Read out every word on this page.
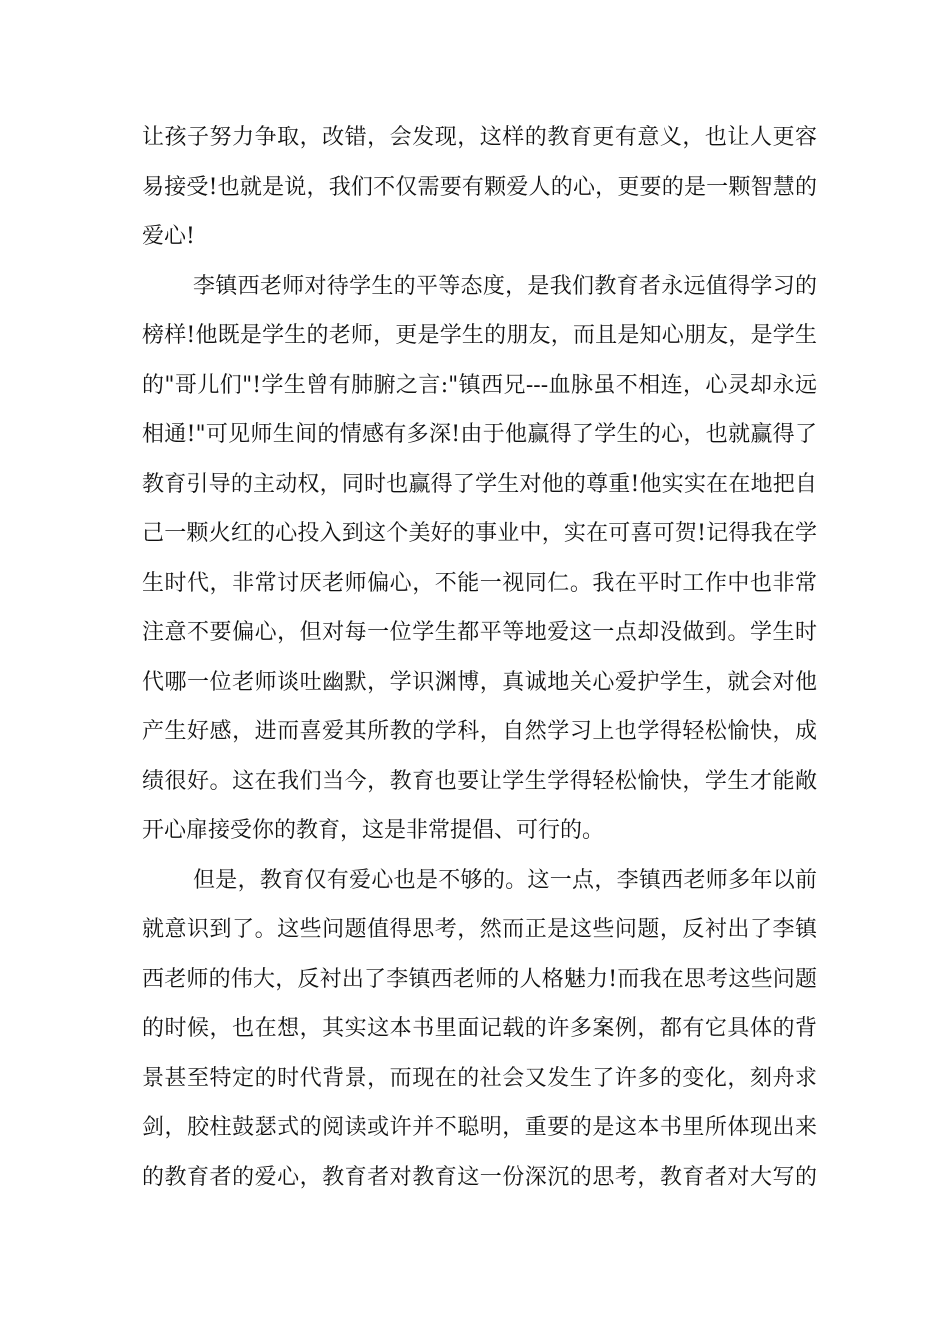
让孩子努力争取，改错，会发现，这样的教育更有意义，也让人更容
易接受!也就是说，我们不仅需要有颗爱人的心，更要的是一颗智慧的
爱心!
李镇西老师对待学生的平等态度，是我们教育者永远值得学习的
榜样!他既是学生的老师，更是学生的朋友，而且是知心朋友，是学生
的"哥儿们"!学生曾有肺腑之言:"镇西兄---血脉虽不相连，心灵却永远
相通!"可见师生间的情感有多深!由于他赢得了学生的心，也就赢得了
教育引导的主动权，同时也赢得了学生对他的尊重!他实实在在地把自
己一颗火红的心投入到这个美好的事业中，实在可喜可贺!记得我在学
生时代，非常讨厌老师偏心，不能一视同仁。我在平时工作中也非常
注意不要偏心，但对每一位学生都平等地爱这一点却没做到。学生时
代哪一位老师谈吐幽默，学识渊博，真诚地关心爱护学生，就会对他
产生好感，进而喜爱其所教的学科，自然学习上也学得轻松愉快，成
绩很好。这在我们当今，教育也要让学生学得轻松愉快，学生才能敞
开心扉接受你的教育，这是非常提倡、可行的。
但是，教育仅有爱心也是不够的。这一点，李镇西老师多年以前
就意识到了。这些问题值得思考，然而正是这些问题，反衬出了李镇
西老师的伟大，反衬出了李镇西老师的人格魅力!而我在思考这些问题
的时候，也在想，其实这本书里面记载的许多案例，都有它具体的背
景甚至特定的时代背景，而现在的社会又发生了许多的变化，刻舟求
剑，胶柱鼓瑟式的阅读或许并不聪明，重要的是这本书里所体现出来
的教育者的爱心，教育者对教育这一份深沉的思考，教育者对大写的
